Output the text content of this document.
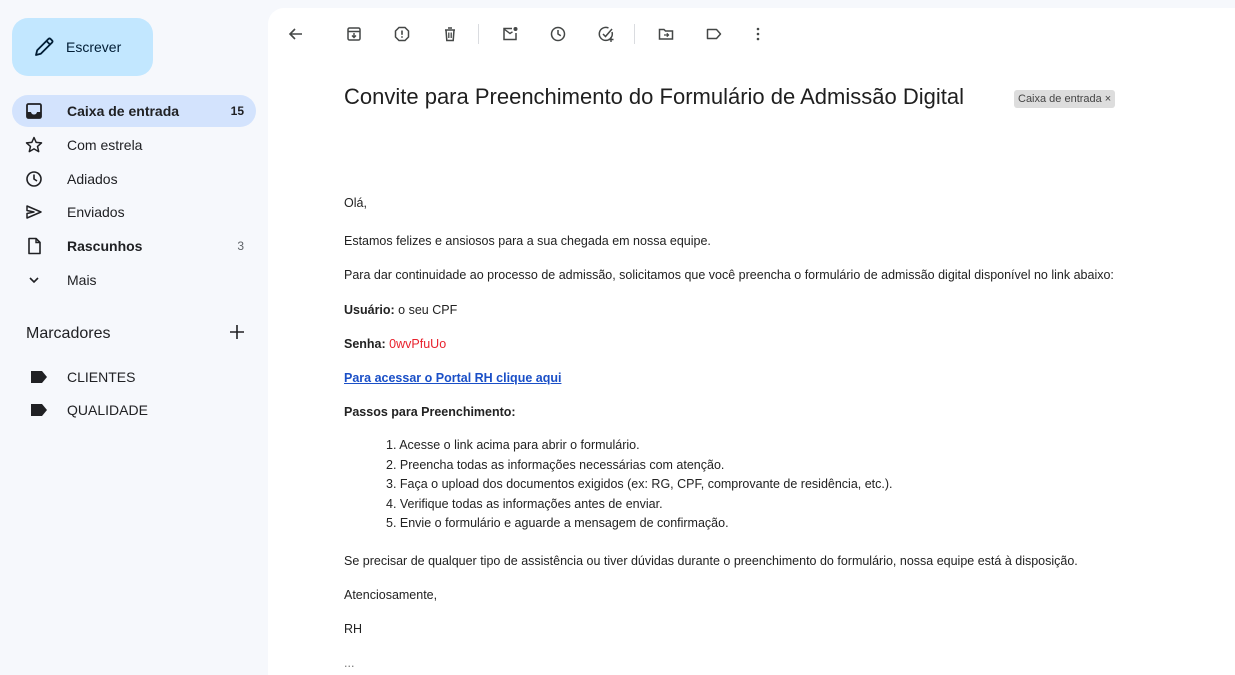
Escrever
Caixa de entrada	15
Com estrela
Adiados
Enviados
Rascunhos	3
Mais
Marcadores
CLIENTES
QUALIDADE
Convite para Preenchimento do Formulário de Admissão Digital	Caixa de entrada ×
Olá,
Estamos felizes e ansiosos para a sua chegada em nossa equipe.
Para dar continuidade ao processo de admissão, solicitamos que você preencha o formulário de admissão digital disponível no link abaixo:
Usuário: o seu CPF
Senha: 0wvPfuUo
Para acessar o Portal RH clique aqui
Passos para Preenchimento:
1. Acesse o link acima para abrir o formulário.
2. Preencha todas as informações necessárias com atenção.
3. Faça o upload dos documentos exigidos (ex: RG, CPF, comprovante de residência, etc.).
4. Verifique todas as informações antes de enviar.
5. Envie o formulário e aguarde a mensagem de confirmação.
Se precisar de qualquer tipo de assistência ou tiver dúvidas durante o preenchimento do formulário, nossa equipe está à disposição.
Atenciosamente,
RH
...
